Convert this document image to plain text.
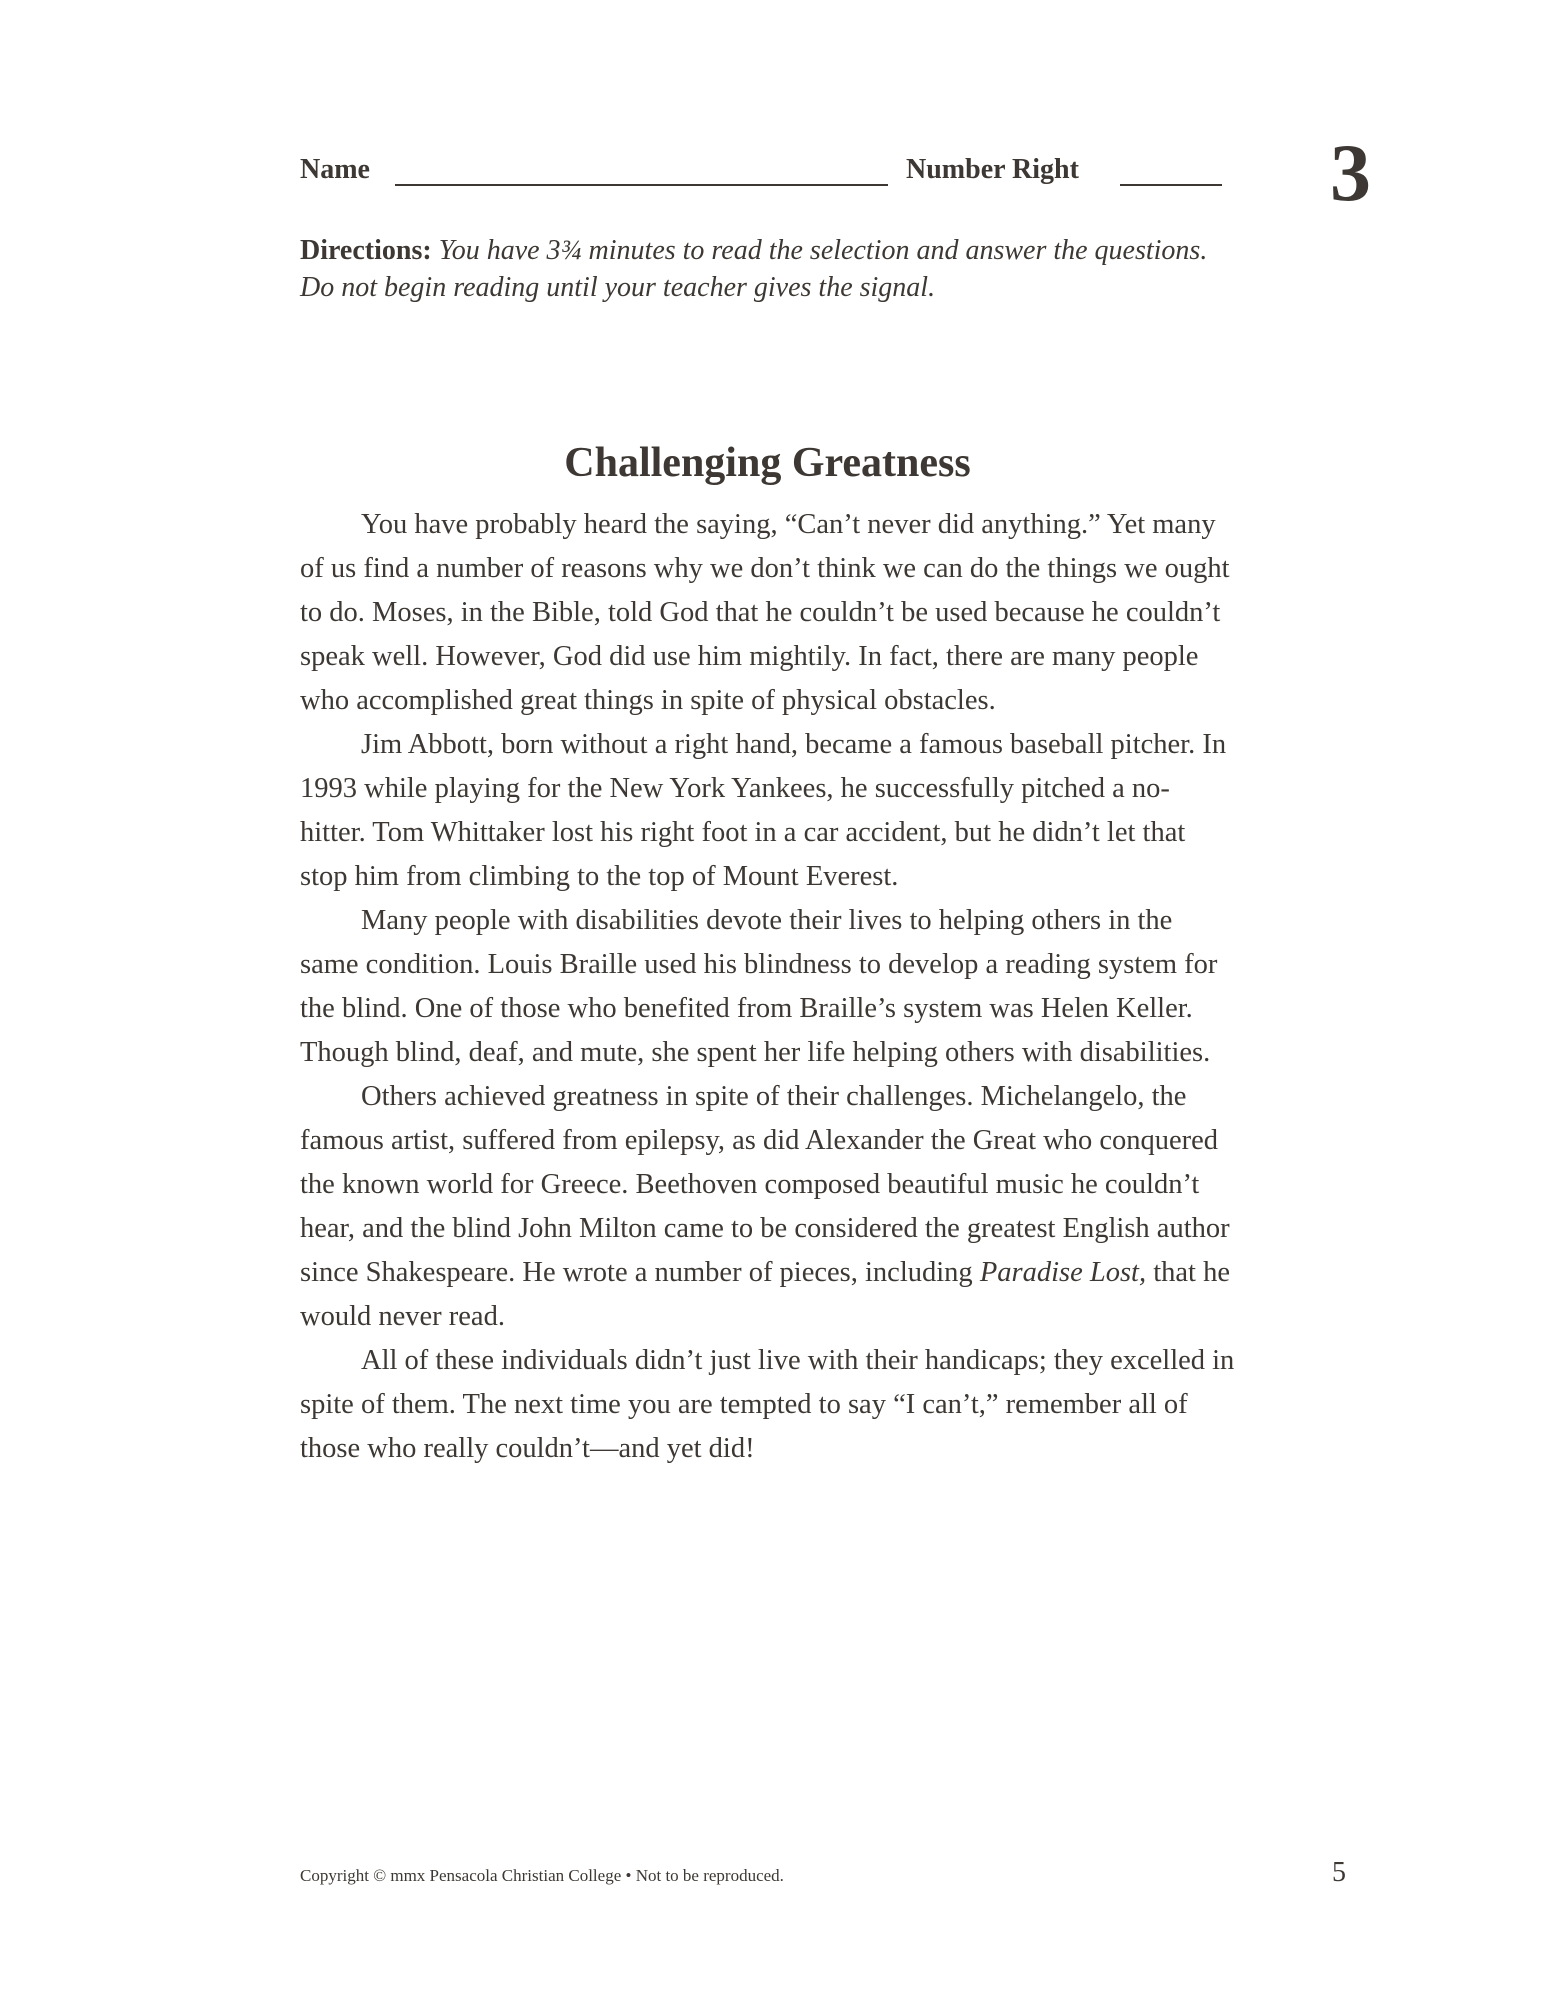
Name	Number Right	3
Directions: You have 3¾ minutes to read the selection and answer the questions. Do not begin reading until your teacher gives the signal.
Challenging Greatness

You have probably heard the saying, “Can’t never did anything.” Yet many of us find a number of reasons why we don’t think we can do the things we ought to do. Moses, in the Bible, told God that he couldn’t be used because he couldn’t speak well. However, God did use him mightily. In fact, there are many people who accomplished great things in spite of physical obstacles.

Jim Abbott, born without a right hand, became a famous baseball pitcher. In 1993 while playing for the New York Yankees, he successfully pitched a no-hitter. Tom Whittaker lost his right foot in a car accident, but he didn’t let that stop him from climbing to the top of Mount Everest.

Many people with disabilities devote their lives to helping others in the same condition. Louis Braille used his blindness to develop a reading system for the blind. One of those who benefited from Braille’s system was Helen Keller. Though blind, deaf, and mute, she spent her life helping others with disabilities.

Others achieved greatness in spite of their challenges. Michelangelo, the famous artist, suffered from epilepsy, as did Alexander the Great who conquered the known world for Greece. Beethoven composed beautiful music he couldn’t hear, and the blind John Milton came to be considered the greatest English author since Shakespeare. He wrote a number of pieces, including Paradise Lost, that he would never read.

All of these individuals didn’t just live with their handicaps; they excelled in spite of them. The next time you are tempted to say “I can’t,” remember all of those who really couldn’t—and yet did!

Copyright © mmx Pensacola Christian College • Not to be reproduced.	5
